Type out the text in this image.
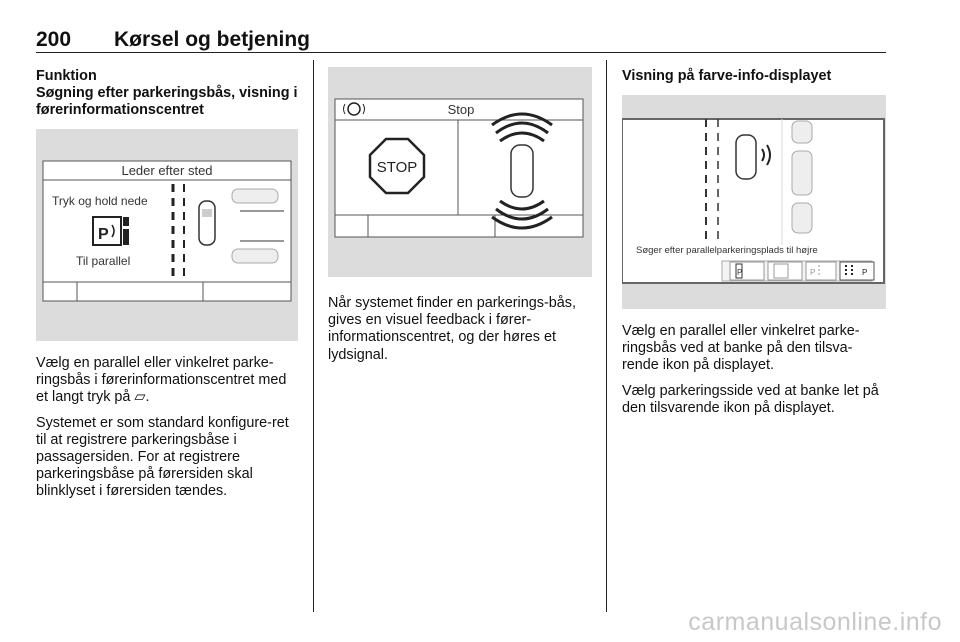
200 Kørsel og betjening
Funktion
Søgning efter parkeringsbås, visning i førerinformationscentret
Leder efter sted
Tryk og hold nede
P
Til parallel

Vælg en parallel eller vinkelret parke-ringsbås i førerinformationscentret med et langt tryk på ⏥.

Systemet er som standard konfigure-ret til at registrere parkeringsbåse i passagersiden. For at registrere parkeringsbåse på førersiden skal blinklyset i førersiden tændes.

Stop
STOP

Når systemet finder en parkerings-bås, gives en visuel feedback i fører-informationscentret, og der høres et lydsignal.

Visning på farve-info-displayet
Søger efter parallelparkeringsplads til højre
P	P	P

Vælg en parallel eller vinkelret parke-ringsbås ved at banke på den tilsva-rende ikon på displayet.

Vælg parkeringsside ved at banke let på den tilsvarende ikon på displayet.

carmanualsonline.info
